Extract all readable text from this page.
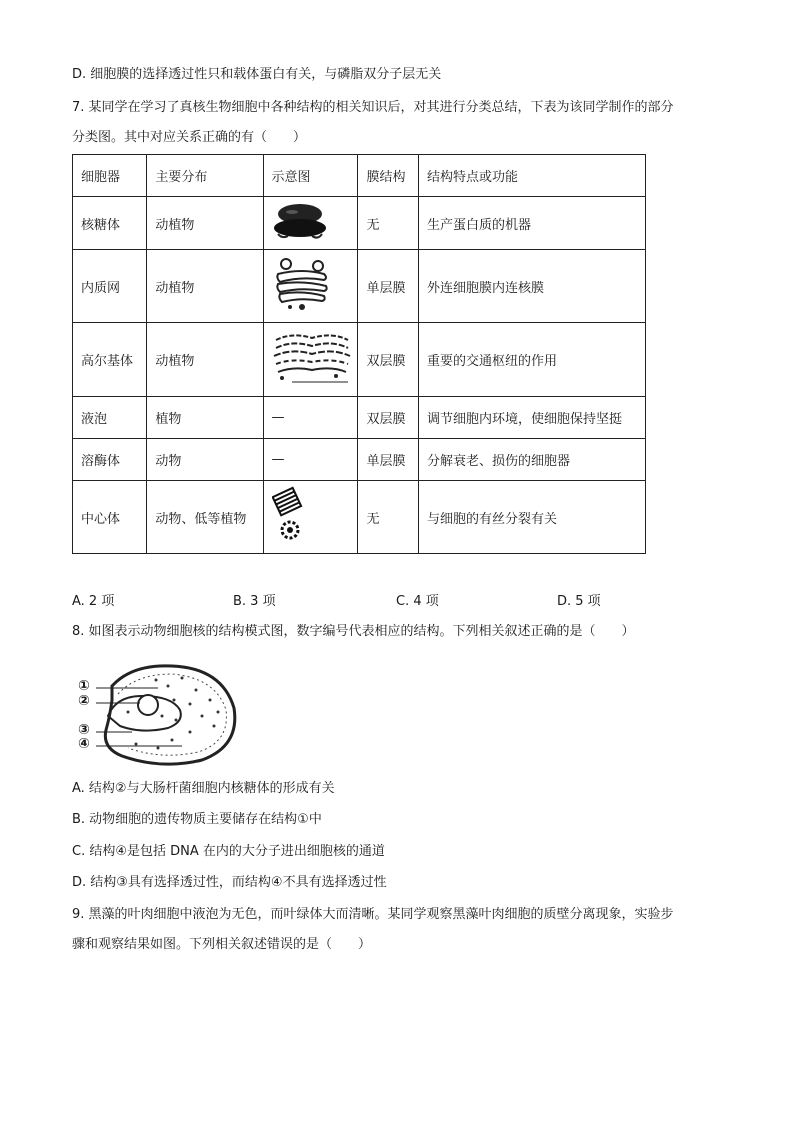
D. 细胞膜的选择透过性只和载体蛋白有关，与磷脂双分子层无关
7. 某同学在学习了真核生物细胞中各种结构的相关知识后，对其进行分类总结，下表为该同学制作的部分
分类图。其中对应关系正确的有（　　）
细胞器	主要分布	示意图	膜结构	结构特点或功能
核糖体	动植物		无	生产蛋白质的机器
内质网	动植物		单层膜	外连细胞膜内连核膜
高尔基体	动植物		双层膜	重要的交通枢纽的作用
液泡	植物	—	双层膜	调节细胞内环境，使细胞保持坚挺
溶酶体	动物	—	单层膜	分解衰老、损伤的细胞器
中心体	动物、低等植物		无	与细胞的有丝分裂有关
A. 2 项	B. 3 项	C. 4 项	D. 5 项
8. 如图表示动物细胞核的结构模式图，数字编号代表相应的结构。下列相关叙述正确的是（　　）
①
②
③
④
A. 结构②与大肠杆菌细胞内核糖体的形成有关
B. 动物细胞的遗传物质主要储存在结构①中
C. 结构④是包括 DNA 在内的大分子进出细胞核的通道
D. 结构③具有选择透过性，而结构④不具有选择透过性
9. 黑藻的叶肉细胞中液泡为无色，而叶绿体大而清晰。某同学观察黑藻叶肉细胞的质壁分离现象，实验步
骤和观察结果如图。下列相关叙述错误的是（　　）
